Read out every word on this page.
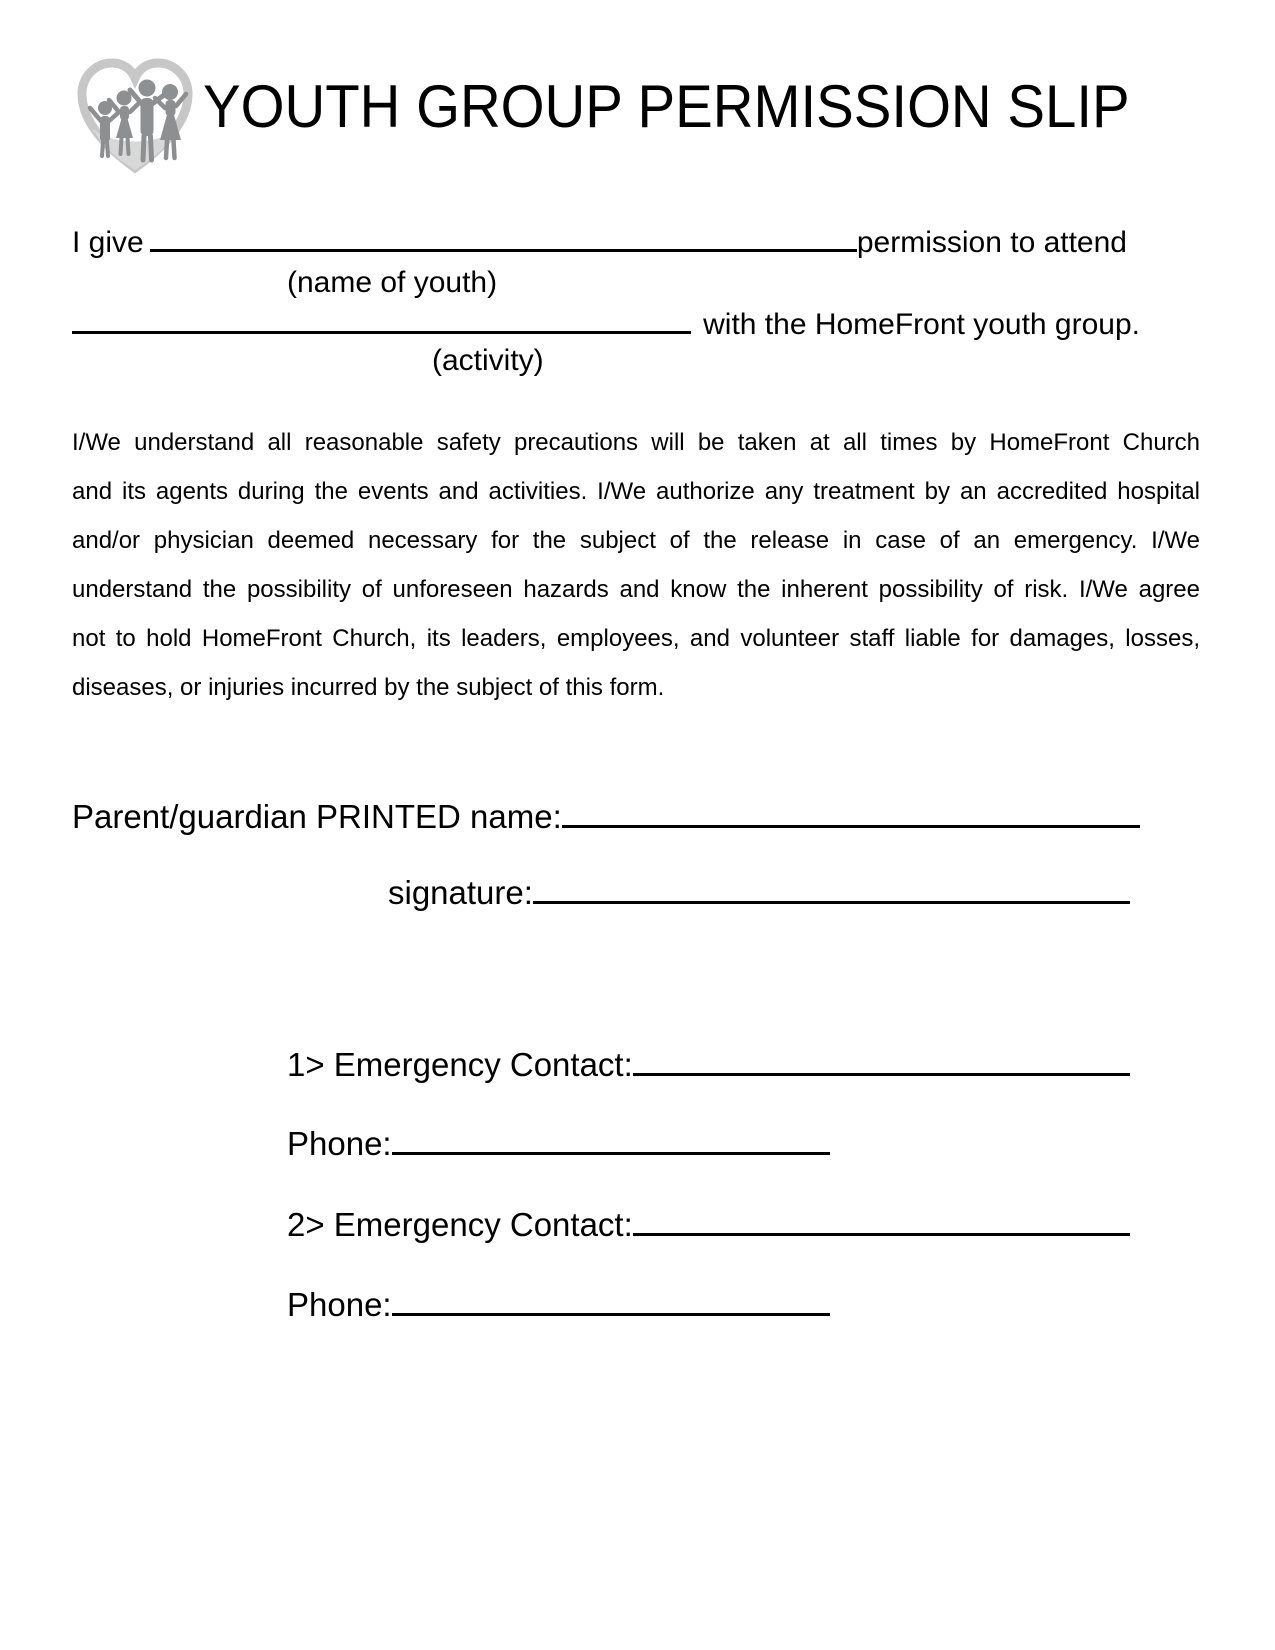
YOUTH GROUP PERMISSION SLIP
I give	permission to attend
(name of youth)
with the HomeFront youth group.
(activity)
I/We understand all reasonable safety precautions will be taken at all times by HomeFront Church
and its agents during the events and activities. I/We authorize any treatment by an accredited hospital
and/or physician deemed necessary for the subject of the release in case of an emergency. I/We
understand the possibility of unforeseen hazards and know the inherent possibility of risk. I/We agree
not to hold HomeFront Church, its leaders, employees, and volunteer staff liable for damages, losses,
diseases, or injuries incurred by the subject of this form.
Parent/guardian PRINTED name:
signature:
1> Emergency Contact:
Phone:
2> Emergency Contact:
Phone:
